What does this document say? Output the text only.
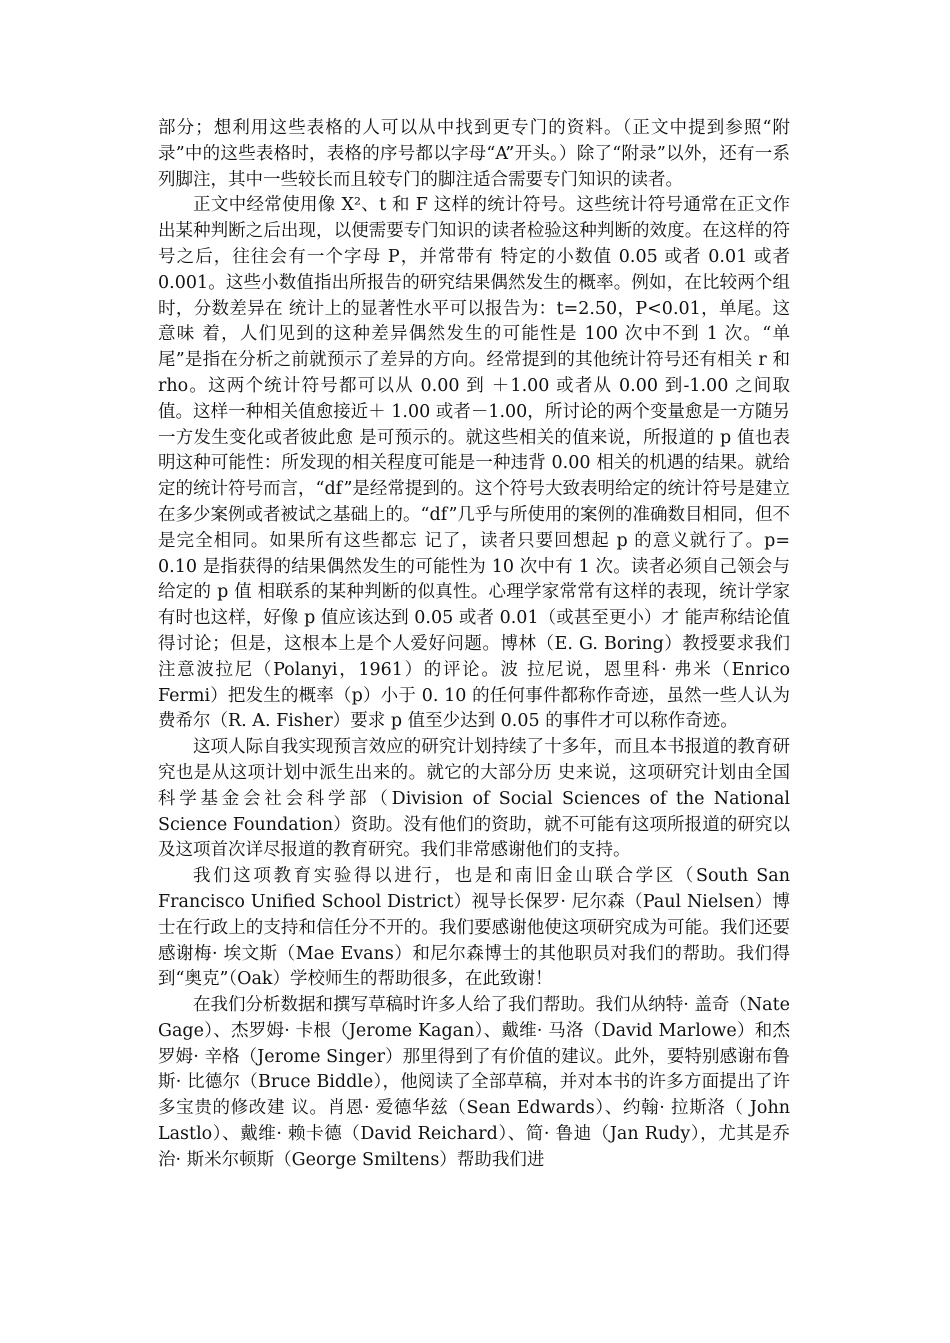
部分；想利用这些表格的人可以从中找到更专门的资料。（正文中提到参照“附录”中的这些表格时，表格的序号都以字母“A”开头。）除了“附录”以外，还有一系列脚注，其中一些较长而且较专门的脚注适合需要专门知识的读者。

正文中经常使用像 X²、t 和 F 这样的统计符号。这些统计符号通常在正文作出某种判断之后出现，以便需要专门知识的读者检验这种判断的效度。在这样的符号之后，往往会有一个字母 P，并常带有 特定的小数值 0.05 或者 0.01 或者 0.001。这些小数值指出所报告的研究结果偶然发生的概率。例如，在比较两个组时，分数差异在 统计上的显著性水平可以报告为：t=2.50，P<0.01，单尾。这意味 着，人们见到的这种差异偶然发生的可能性是 100 次中不到 1 次。“单尾”是指在分析之前就预示了差异的方向。经常提到的其他统计符号还有相关 r 和 rho。这两个统计符号都可以从 0.00 到 ＋1.00 或者从 0.00 到-1.00 之间取值。这样一种相关值愈接近＋ 1.00 或者－1.00，所讨论的两个变量愈是一方随另一方发生变化或者彼此愈 是可预示的。就这些相关的值来说，所报道的 p 值也表明这种可能性：所发现的相关程度可能是一种违背 0.00 相关的机遇的结果。就给定的统计符号而言，“df”是经常提到的。这个符号大致表明给定的统计符号是建立在多少案例或者被试之基础上的。“df”几乎与所使用的案例的准确数目相同，但不是完全相同。如果所有这些都忘 记了，读者只要回想起 p 的意义就行了。p= 0.10 是指获得的结果偶然发生的可能性为 10 次中有 1 次。读者必须自己领会与给定的 p 值 相联系的某种判断的似真性。心理学家常常有这样的表现，统计学家有时也这样，好像 p 值应该达到 0.05 或者 0.01（或甚至更小）才 能声称结论值得讨论；但是，这根本上是个人爱好问题。博林（E. G. Boring）教授要求我们注意波拉尼（Polanyi，1961）的评论。波 拉尼说，恩里科· 弗米（Enrico Fermi）把发生的概率（p）小于 0. 10 的任何事件都称作奇迹，虽然一些人认为费希尔（R. A. Fisher）要求 p 值至少达到 0.05 的事件才可以称作奇迹。

这项人际自我实现预言效应的研究计划持续了十多年，而且本书报道的教育研究也是从这项计划中派生出来的。就它的大部分历 史来说，这项研究计划由全国科学基金会社会科学部（Division of Social Sciences of the National Science Foundation）资助。没有他们的资助，就不可能有这项所报道的研究以及这项首次详尽报道的教育研究。我们非常感谢他们的支持。

我们这项教育实验得以进行，也是和南旧金山联合学区（South San Francisco Unified School District）视导长保罗· 尼尔森（Paul Nielsen）博士在行政上的支持和信任分不开的。我们要感谢他使这项研究成为可能。我们还要感谢梅· 埃文斯（Mae Evans）和尼尔森博士的其他职员对我们的帮助。我们得到“奥克”（Oak）学校师生的帮助很多，在此致谢！

在我们分析数据和撰写草稿时许多人给了我们帮助。我们从纳特· 盖奇（Nate Gage）、杰罗姆· 卡根（Jerome Kagan）、戴维· 马洛（David Marlowe）和杰罗姆· 辛格（Jerome Singer）那里得到了有价值的建议。此外，要特别感谢布鲁斯· 比德尔（Bruce Biddle），他阅读了全部草稿，并对本书的许多方面提出了许多宝贵的修改建 议。肖恩· 爱德华兹（Sean Edwards）、约翰· 拉斯洛（ John Lastlo）、戴维· 赖卡德（David Reichard）、简· 鲁迪（Jan Rudy），尤其是乔治· 斯米尔顿斯（George Smiltens）帮助我们进
